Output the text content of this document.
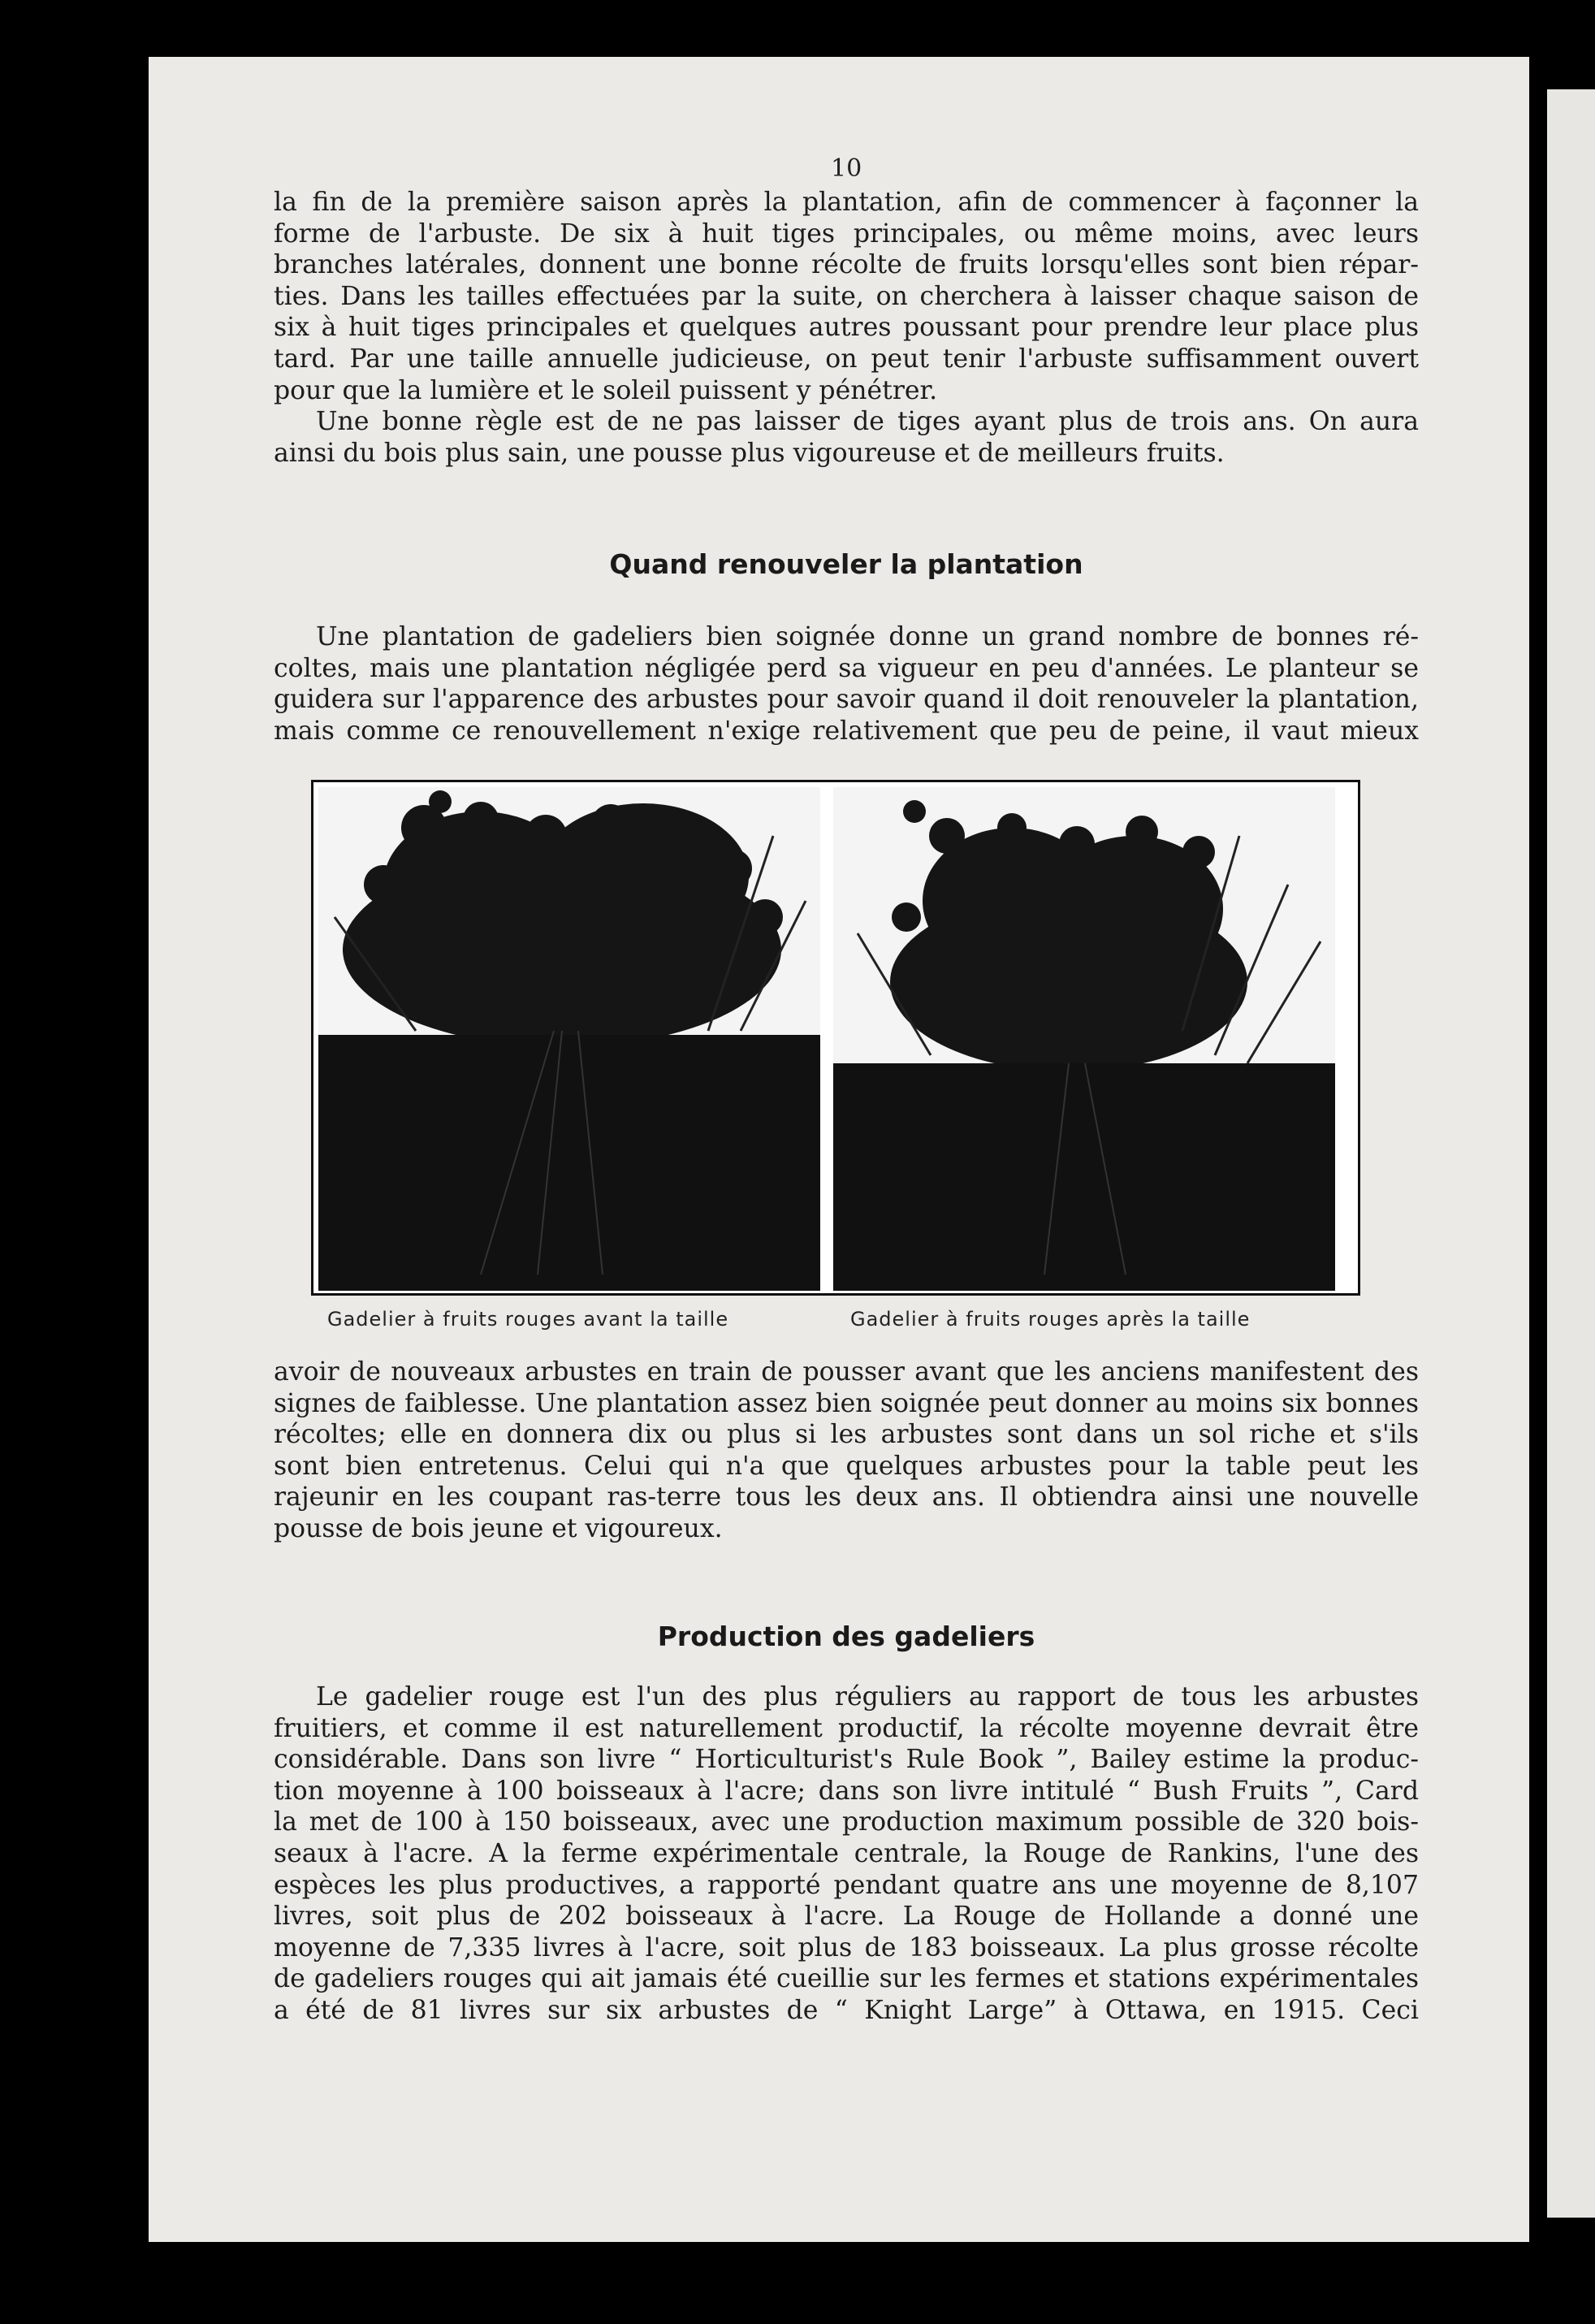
10

la fin de la première saison après la plantation, afin de commencer à façonner la
forme de l'arbuste. De six à huit tiges principales, ou même moins, avec leurs
branches latérales, donnent une bonne récolte de fruits lorsqu'elles sont bien répar-
ties. Dans les tailles effectuées par la suite, on cherchera à laisser chaque saison de
six à huit tiges principales et quelques autres poussant pour prendre leur place plus
tard. Par une taille annuelle judicieuse, on peut tenir l'arbuste suffisamment ouvert
pour que la lumière et le soleil puissent y pénétrer.

Une bonne règle est de ne pas laisser de tiges ayant plus de trois ans. On aura
ainsi du bois plus sain, une pousse plus vigoureuse et de meilleurs fruits.

Quand renouveler la plantation

Une plantation de gadeliers bien soignée donne un grand nombre de bonnes ré-
coltes, mais une plantation négligée perd sa vigueur en peu d'années. Le planteur se
guidera sur l'apparence des arbustes pour savoir quand il doit renouveler la plantation,
mais comme ce renouvellement n'exige relativement que peu de peine, il vaut mieux

Gadelier à fruits rouges avant la taille	Gadelier à fruits rouges après la taille

avoir de nouveaux arbustes en train de pousser avant que les anciens manifestent des
signes de faiblesse. Une plantation assez bien soignée peut donner au moins six bonnes
récoltes; elle en donnera dix ou plus si les arbustes sont dans un sol riche et s'ils
sont bien entretenus. Celui qui n'a que quelques arbustes pour la table peut les
rajeunir en les coupant ras-terre tous les deux ans. Il obtiendra ainsi une nouvelle
pousse de bois jeune et vigoureux.

Production des gadeliers

Le gadelier rouge est l'un des plus réguliers au rapport de tous les arbustes
fruitiers, et comme il est naturellement productif, la récolte moyenne devrait être
considérable. Dans son livre “ Horticulturist's Rule Book ”, Bailey estime la produc-
tion moyenne à 100 boisseaux à l'acre; dans son livre intitulé “ Bush Fruits ”, Card
la met de 100 à 150 boisseaux, avec une production maximum possible de 320 bois-
seaux à l'acre. A la ferme expérimentale centrale, la Rouge de Rankins, l'une des
espèces les plus productives, a rapporté pendant quatre ans une moyenne de 8,107
livres, soit plus de 202 boisseaux à l'acre. La Rouge de Hollande a donné une
moyenne de 7,335 livres à l'acre, soit plus de 183 boisseaux. La plus grosse récolte
de gadeliers rouges qui ait jamais été cueillie sur les fermes et stations expérimentales
a été de 81 livres sur six arbustes de “ Knight Large” à Ottawa, en 1915. Ceci
